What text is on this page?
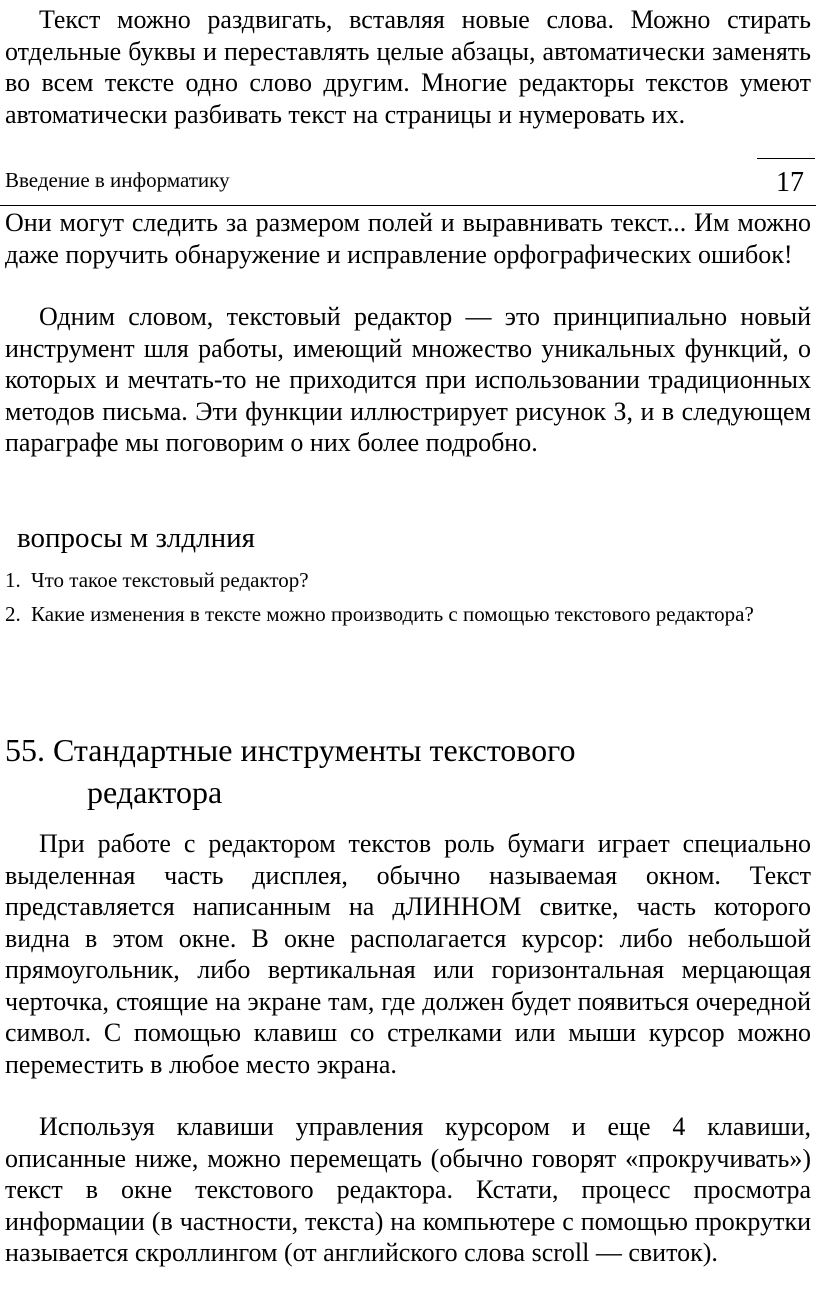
Текст можно раздвигать, вставляя новые слова. Можно стирать отдельные буквы и переставлять целые абзацы, автоматически заменять во всем тексте одно слово другим. Многие редакторы текстов умеют автоматически разбивать текст на страницы и нумеровать их.

Введение в информатику	17

Они могут следить за размером полей и выравнивать текст... Им можно даже поручить обнаружение и исправление орфографических ошибок!

Одним словом, текстовый редактор — это принципиально новый инструмент шля работы, имеющий множество уникальных функций, о которых и мечтать-то не приходится при использовании традиционных методов письма. Эти функции иллюстрирует рисунок З, и в следующем параграфе мы поговорим о них более подробно.

вопросы м злдлния
1. Что такое текстовый редактор?
2. Какие изменения в тексте можно производить с помощью текстового редактора?
55. Стандартные инструменты текстового
редактора

При работе с редактором текстов роль бумаги играет специально выделенная часть дисплея, обычно называемая окном. Текст представляется написанным на дЛИННОМ свитке, часть которого видна в этом окне. В окне располагается курсор: либо небольшой прямоугольник, либо вертикальная или горизонтальная мерцающая черточка, стоящие на экране там, где должен будет появиться очередной символ. С помощью клавиш со стрелками или мыши курсор можно переместить в любое место экрана.

Используя клавиши управления курсором и еще 4 клавиши, описанные ниже, можно перемещать (обычно говорят «прокручивать») текст в окне текстового редактора. Кстати, процесс просмотра информации (в частности, текста) на компьютере с помощью прокрутки называется скроллингом (от английского слова scroll — свиток).
